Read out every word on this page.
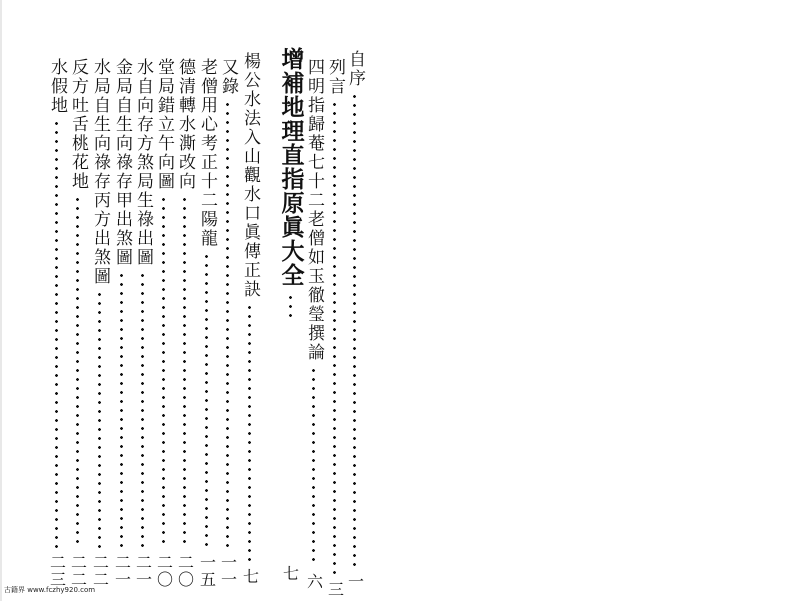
自序
一
列言
三
四明指歸菴七十二老僧如玉徹瑩撰論
六
增補地理直指原眞大全
七
楊公水法入山觀水口眞傳正訣
七
又錄
一一
老僧用心考正十二陽龍
一五
德清轉水澌改向
二〇
堂局錯立午向圖
二〇
水自向存方煞局生祿出圖
二一
金局自生向祿存甲出煞圖
二一
水局自生向祿存丙方出煞圖
二二
反方吐舌桃花地
二二
水假地
二三
古籍界 www.fczhy920.com
